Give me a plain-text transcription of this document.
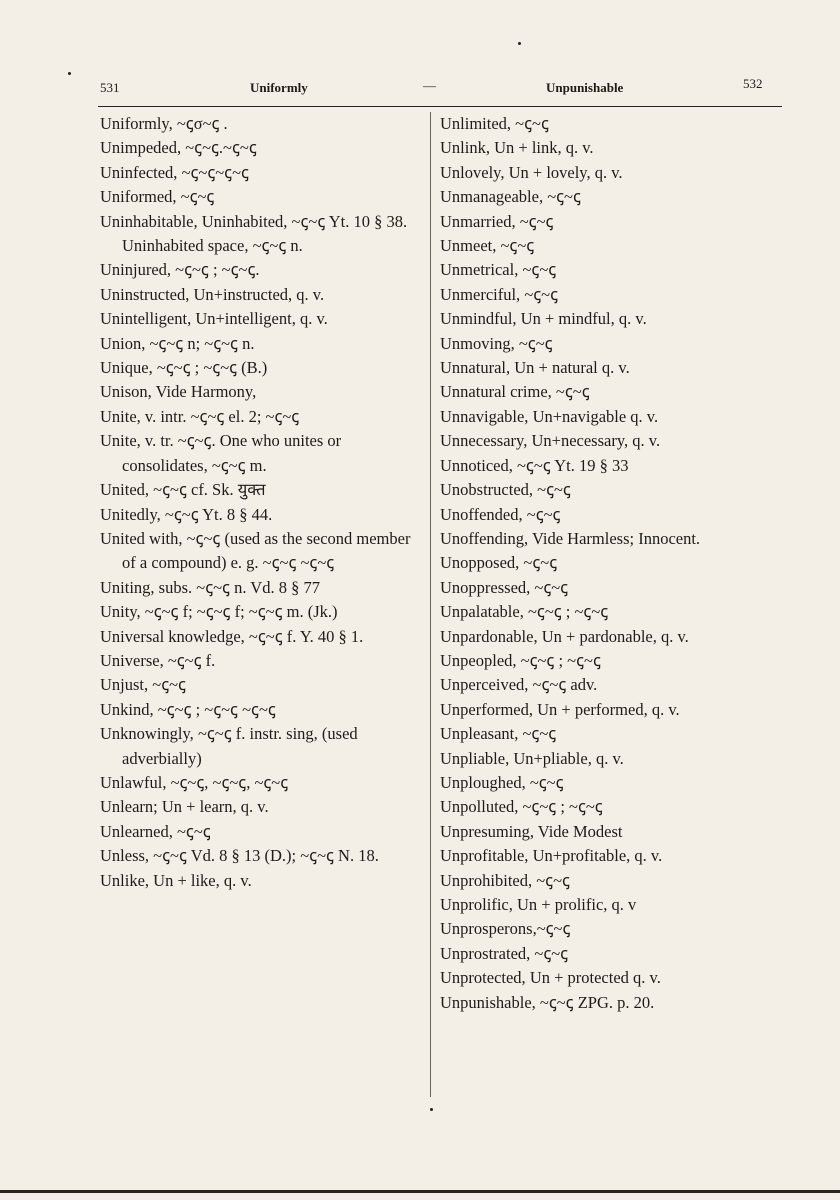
531	Uniformly	—	Unpunishable	532

Uniformly, ⁠~ꞔσ~ꞔ .

Unimpeded, ~ꞔ~ꞔ.~ꞔ~ꞔ

Uninfected, ~ꞔ~ꞔ~ꞔ~ꞔ

Uniformed, ~ꞔ~ꞔ

Uninhabitable, Uninhabited, ~ꞔ~ꞔ Yt. 10 § 38. Uninhabited space, ~ꞔ~ꞔ n.

Uninjured, ~ꞔ~ꞔ ; ~ꞔ~ꞔ.

Uninstructed, Un+instructed, q. v.

Unintelligent, Un+intelligent, q. v.

Union, ~ꞔ~ꞔ n; ~ꞔ~ꞔ n.

Unique, ~ꞔ~ꞔ ; ~ꞔ~ꞔ (B.)

Unison, Vide Harmony,

Unite, v. intr. ~ꞔ~ꞔ el. 2; ~ꞔ~ꞔ

Unite, v. tr. ~ꞔ~ꞔ. One who unites or consolidates, ~ꞔ~ꞔ m.

United, ~ꞔ~ꞔ cf. Sk. युक्त

Unitedly, ~ꞔ~ꞔ Yt. 8 § 44.

United with, ~ꞔ~ꞔ (used as the second member of a compound) e. g. ~ꞔ~ꞔ ~ꞔ~ꞔ

Uniting, subs. ~ꞔ~ꞔ n. Vd. 8 § 77

Unity, ~ꞔ~ꞔ f; ~ꞔ~ꞔ f; ~ꞔ~ꞔ m. (Jk.)

Universal knowledge, ~ꞔ~ꞔ f. Y. 40 § 1.

Universe, ~ꞔ~ꞔ f.

Unjust, ~ꞔ~ꞔ

Unkind, ~ꞔ~ꞔ ; ~ꞔ~ꞔ ~ꞔ~ꞔ

Unknowingly, ~ꞔ~ꞔ f. instr. sing, (used adverbially)

Unlawful, ~ꞔ~ꞔ, ~ꞔ~ꞔ, ~ꞔ~ꞔ

Unlearn; Un + learn, q. v.

Unlearned, ~ꞔ~ꞔ

Unless, ~ꞔ~ꞔ Vd. 8 § 13 (D.); ~ꞔ~ꞔ N. 18.

Unlike, Un + like, q. v.

Unlimited, ~ꞔ~ꞔ

Unlink, Un + link, q. v.

Unlovely, Un + lovely, q. v.

Unmanageable, ~ꞔ~ꞔ

Unmarried, ~ꞔ~ꞔ

Unmeet, ~ꞔ~ꞔ

Unmetrical, ~ꞔ~ꞔ

Unmerciful, ~ꞔ~ꞔ

Unmindful, Un + mindful, q. v.

Unmoving, ~ꞔ~ꞔ

Unnatural, Un + natural q. v.

Unnatural crime, ~ꞔ~ꞔ

Unnavigable, Un+navigable q. v.

Unnecessary, Un+necessary, q. v.

Unnoticed, ~ꞔ~ꞔ Yt. 19 § 33

Unobstructed, ~ꞔ~ꞔ

Unoffended, ~ꞔ~ꞔ

Unoffending, Vide Harmless; Innocent.

Unopposed, ~ꞔ~ꞔ

Unoppressed, ~ꞔ~ꞔ

Unpalatable, ~ꞔ~ꞔ ; ~ꞔ~ꞔ

Unpardonable, Un + pardonable, q. v.

Unpeopled, ~ꞔ~ꞔ ; ~ꞔ~ꞔ

Unperceived, ~ꞔ~ꞔ adv.

Unperformed, Un + performed, q. v.

Unpleasant, ~ꞔ~ꞔ

Unpliable, Un+pliable, q. v.

Unploughed, ~ꞔ~ꞔ

Unpolluted, ~ꞔ~ꞔ ; ~ꞔ~ꞔ

Unpresuming, Vide Modest

Unprofitable, Un+profitable, q. v.

Unprohibited, ~ꞔ~ꞔ

Unprolific, Un + prolific, q. v

Unprosperons,~ꞔ~ꞔ

Unprostrated, ~ꞔ~ꞔ

Unprotected, Un + protected q. v.

Unpunishable, ~ꞔ~ꞔ ZPG. p. 20.
